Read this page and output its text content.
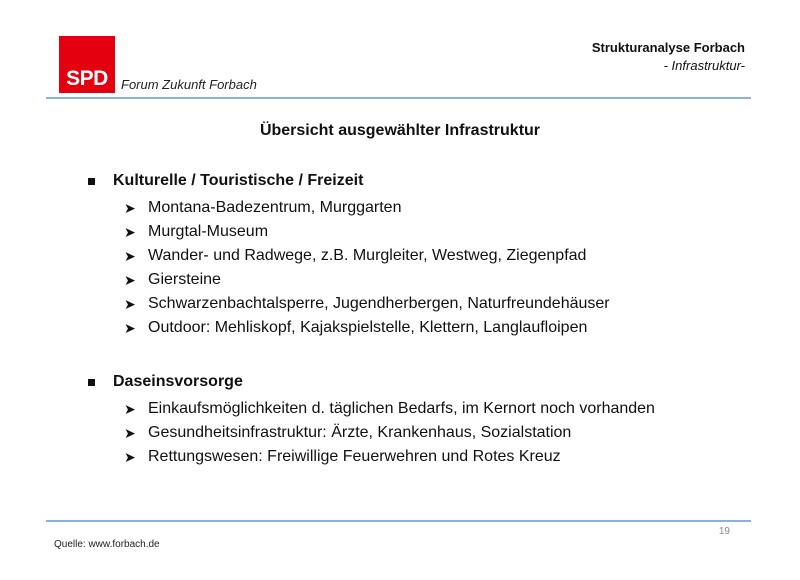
SPD Forum Zukunft Forbach
Strukturanalyse Forbach
- Infrastruktur-
Übersicht ausgewählter Infrastruktur
Kulturelle / Touristische / Freizeit
➤ Montana-Badezentrum, Murggarten
➤ Murgtal-Museum
➤ Wander- und Radwege, z.B. Murgleiter, Westweg, Ziegenpfad
➤ Giersteine
➤ Schwarzenbachtalsperre, Jugendherbergen, Naturfreundehäuser
➤ Outdoor: Mehliskopf, Kajakspielstelle, Klettern, Langlaufloipen
Daseinsvorsorge
➤ Einkaufsmöglichkeiten d. täglichen Bedarfs, im Kernort noch vorhanden
➤ Gesundheitsinfrastruktur: Ärzte, Krankenhaus, Sozialstation
➤ Rettungswesen: Freiwillige Feuerwehren und Rotes Kreuz
19
Quelle: www.forbach.de
